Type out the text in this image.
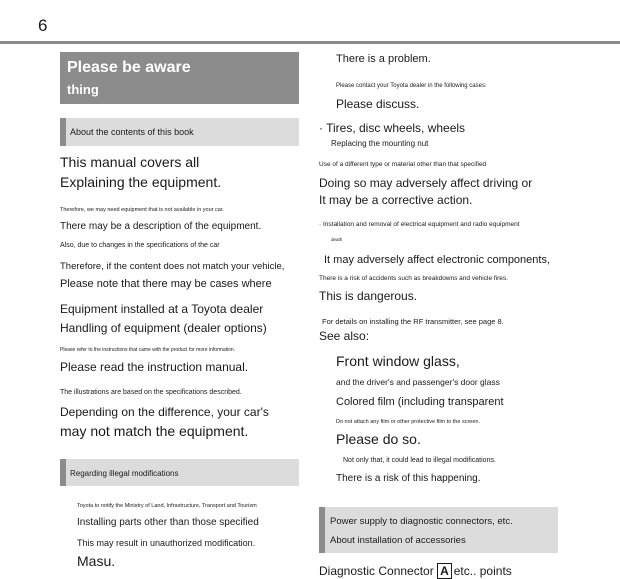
6
Please be aware
thing
About the contents of this book
This manual covers all
Explaining the equipment.
Therefore, we may need equipment that is not available in your car.
There may be a description of the equipment.
Also, due to changes in the specifications of the car
Therefore, if the content does not match your vehicle,
Please note that there may be cases where
Equipment installed at a Toyota dealer
Handling of equipment (dealer options)
Please refer to the instructions that came with the product for more information.
Please read the instruction manual.
The illustrations are based on the specifications described.
Depending on the difference, your car's
may not match the equipment.
Regarding illegal modifications
Toyota to notify the Ministry of Land, Infrastructure, Transport and Tourism
Installing parts other than those specified
This may result in unauthorized modification.
Masu.
There is a problem.
Please contact your Toyota dealer in the following cases:
Please discuss.
· Tires, disc wheels, wheels
Replacing the mounting nut
Use of a different type or material other than that specified
Doing so may adversely affect driving or
It may be a corrective action.
· Installation and removal of electrical equipment and radio equipment
death
It may adversely affect electronic components,
There is a risk of accidents such as breakdowns and vehicle fires.
This is dangerous.
For details on installing the RF transmitter, see page 8.
See also:
Front window glass,
and the driver's and passenger's door glass
Colored film (including transparent
Do not attach any film or other protective film to the screen.
Please do so.
Not only that, it could lead to illegal modifications.
There is a risk of this happening.
Power supply to diagnostic connectors, etc.
About installation of accessories
Diagnostic Connector A etc.. points
